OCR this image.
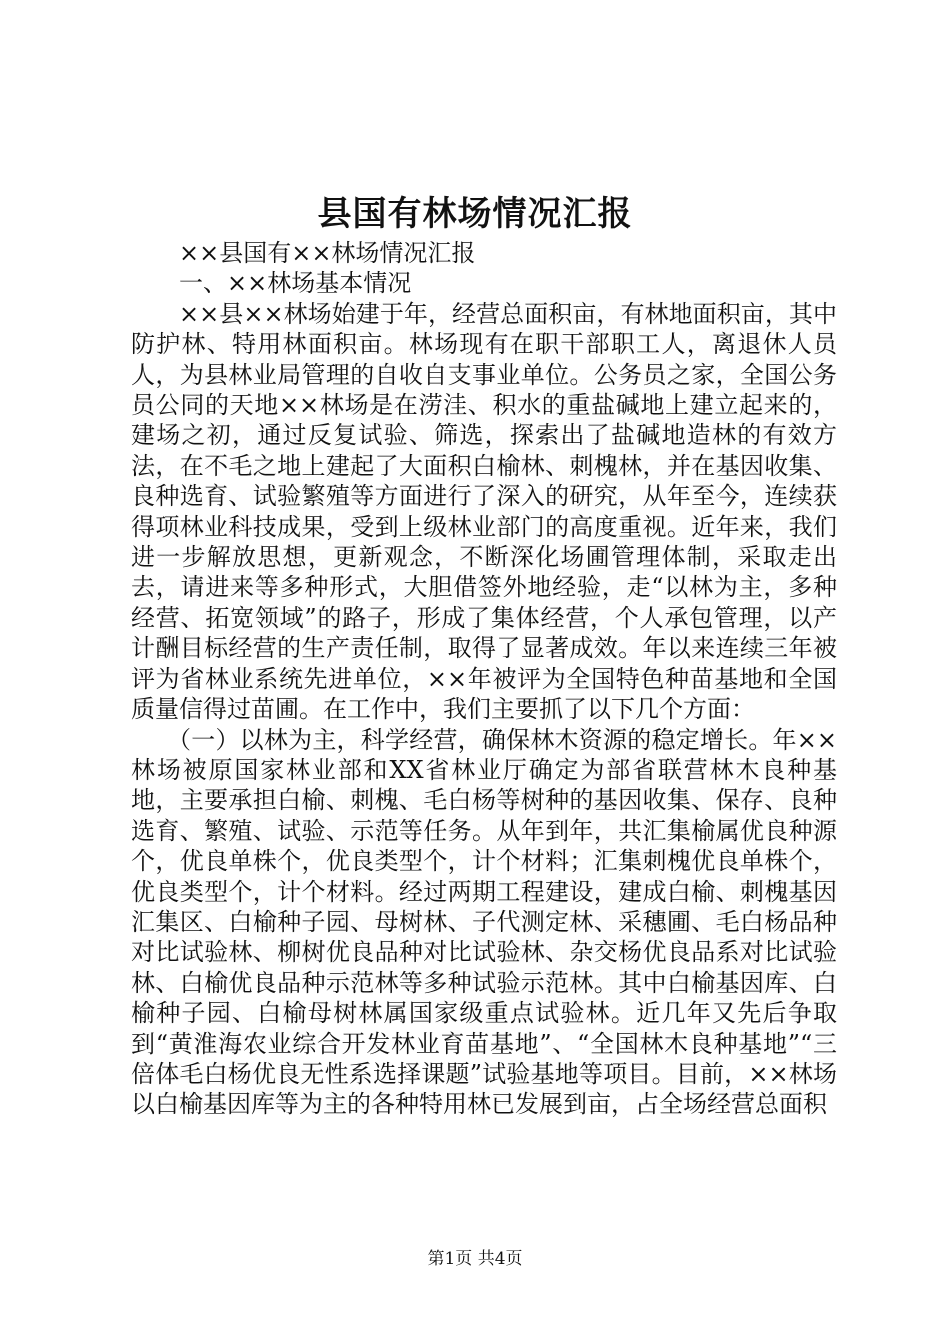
县国有林场情况汇报

××县国有××林场情况汇报

一、××林场基本情况

××县××林场始建于年，经营总面积亩，有林地面积亩，其中防护林、特用林面积亩。林场现有在职干部职工人，离退休人员人，为县林业局管理的自收自支事业单位。公务员之家，全国公务员公同的天地××林场是在涝洼、积水的重盐碱地上建立起来的，建场之初，通过反复试验、筛选，探索出了盐碱地造林的有效方法，在不毛之地上建起了大面积白榆林、刺槐林，并在基因收集、良种选育、试验繁殖等方面进行了深入的研究，从年至今，连续获得项林业科技成果，受到上级林业部门的高度重视。近年来，我们进一步解放思想，更新观念，不断深化场圃管理体制，采取走出去，请进来等多种形式，大胆借签外地经验，走“以林为主，多种经营、拓宽领域”的路子，形成了集体经营，个人承包管理，以产计酬目标经营的生产责任制，取得了显著成效。年以来连续三年被评为省林业系统先进单位，××年被评为全国特色种苗基地和全国质量信得过苗圃。在工作中，我们主要抓了以下几个方面：

（一）以林为主，科学经营，确保林木资源的稳定增长。年××林场被原国家林业部和XX省林业厅确定为部省联营林木良种基地，主要承担白榆、刺槐、毛白杨等树种的基因收集、保存、良种选育、繁殖、试验、示范等任务。从年到年，共汇集榆属优良种源个，优良单株个，优良类型个，计个材料；汇集刺槐优良单株个，优良类型个，计个材料。经过两期工程建设，建成白榆、刺槐基因汇集区、白榆种子园、母树林、子代测定林、采穗圃、毛白杨品种对比试验林、柳树优良品种对比试验林、杂交杨优良品系对比试验林、白榆优良品种示范林等多种试验示范林。其中白榆基因库、白榆种子园、白榆母树林属国家级重点试验林。近几年又先后争取到“黄淮海农业综合开发林业育苗基地”、“全国林木良种基地”“三倍体毛白杨优良无性系选择课题”试验基地等项目。目前，××林场以白榆基因库等为主的各种特用林已发展到亩，占全场经营总面积

第1页 共4页
